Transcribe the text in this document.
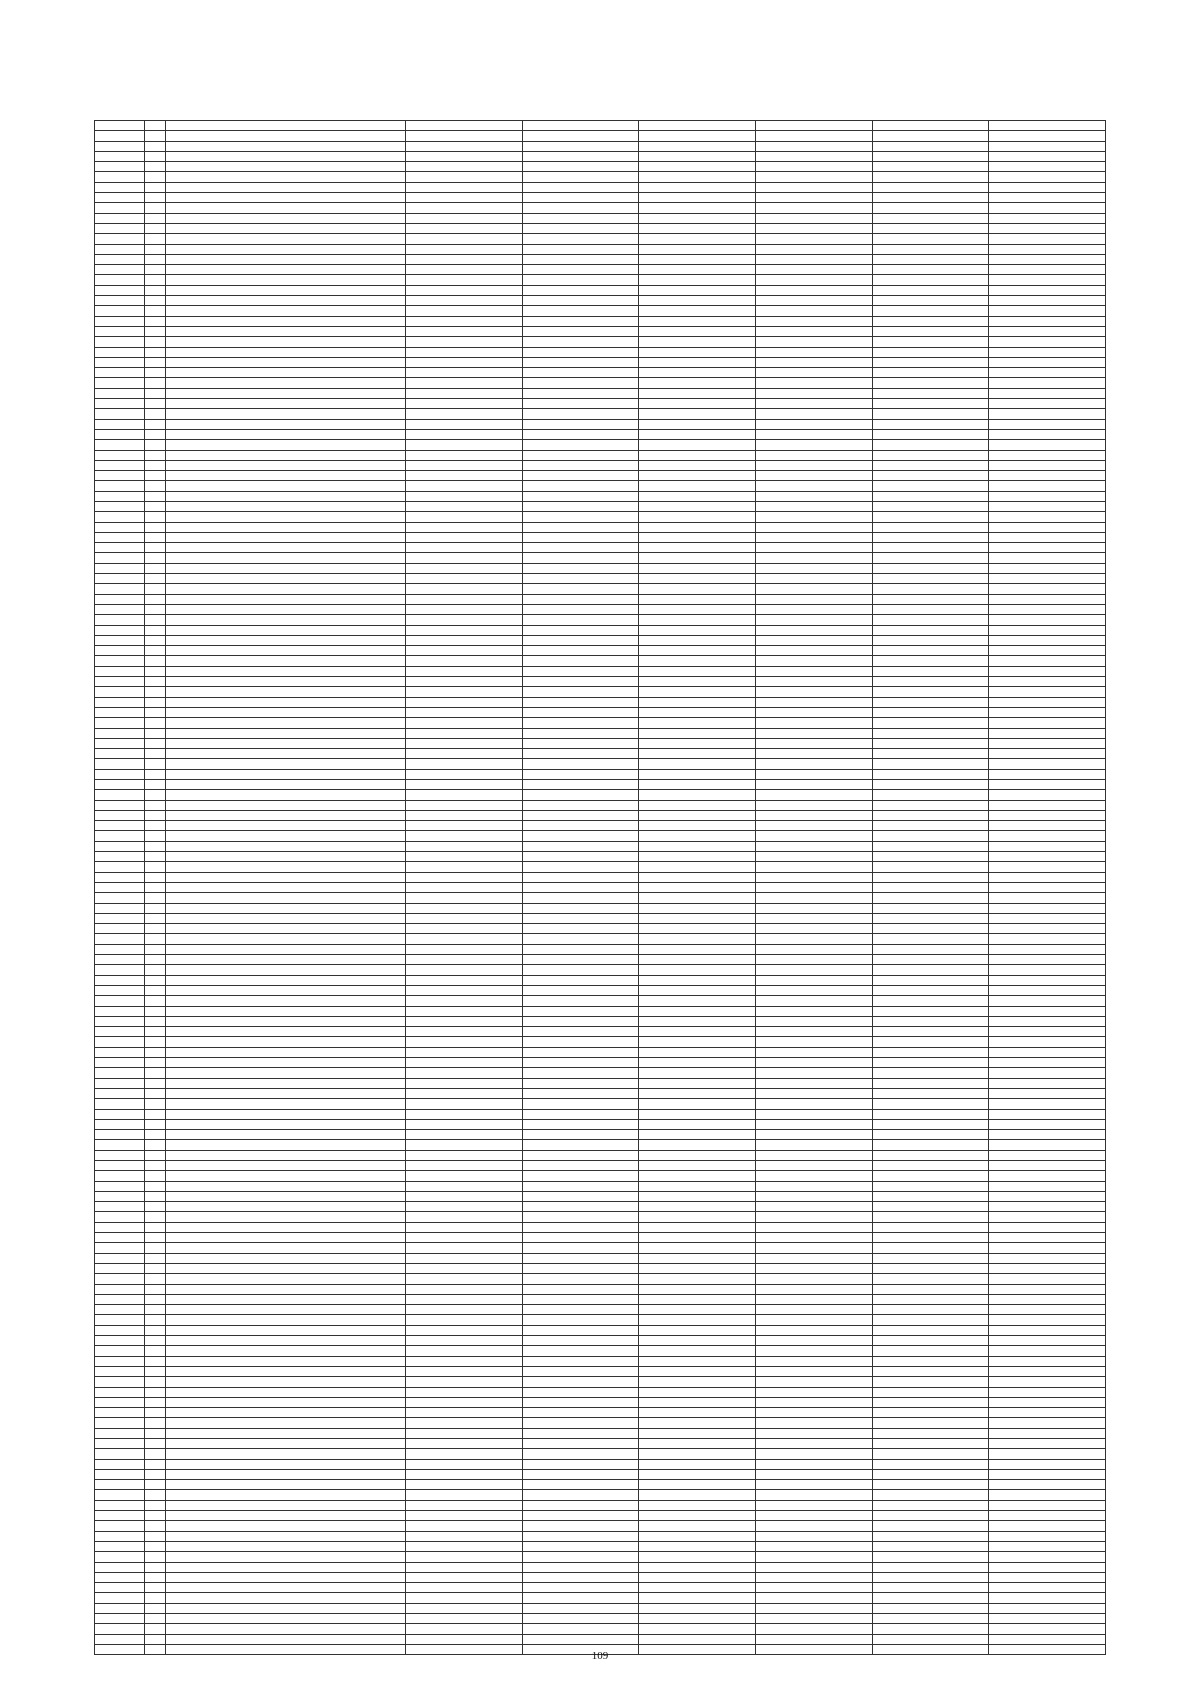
109
